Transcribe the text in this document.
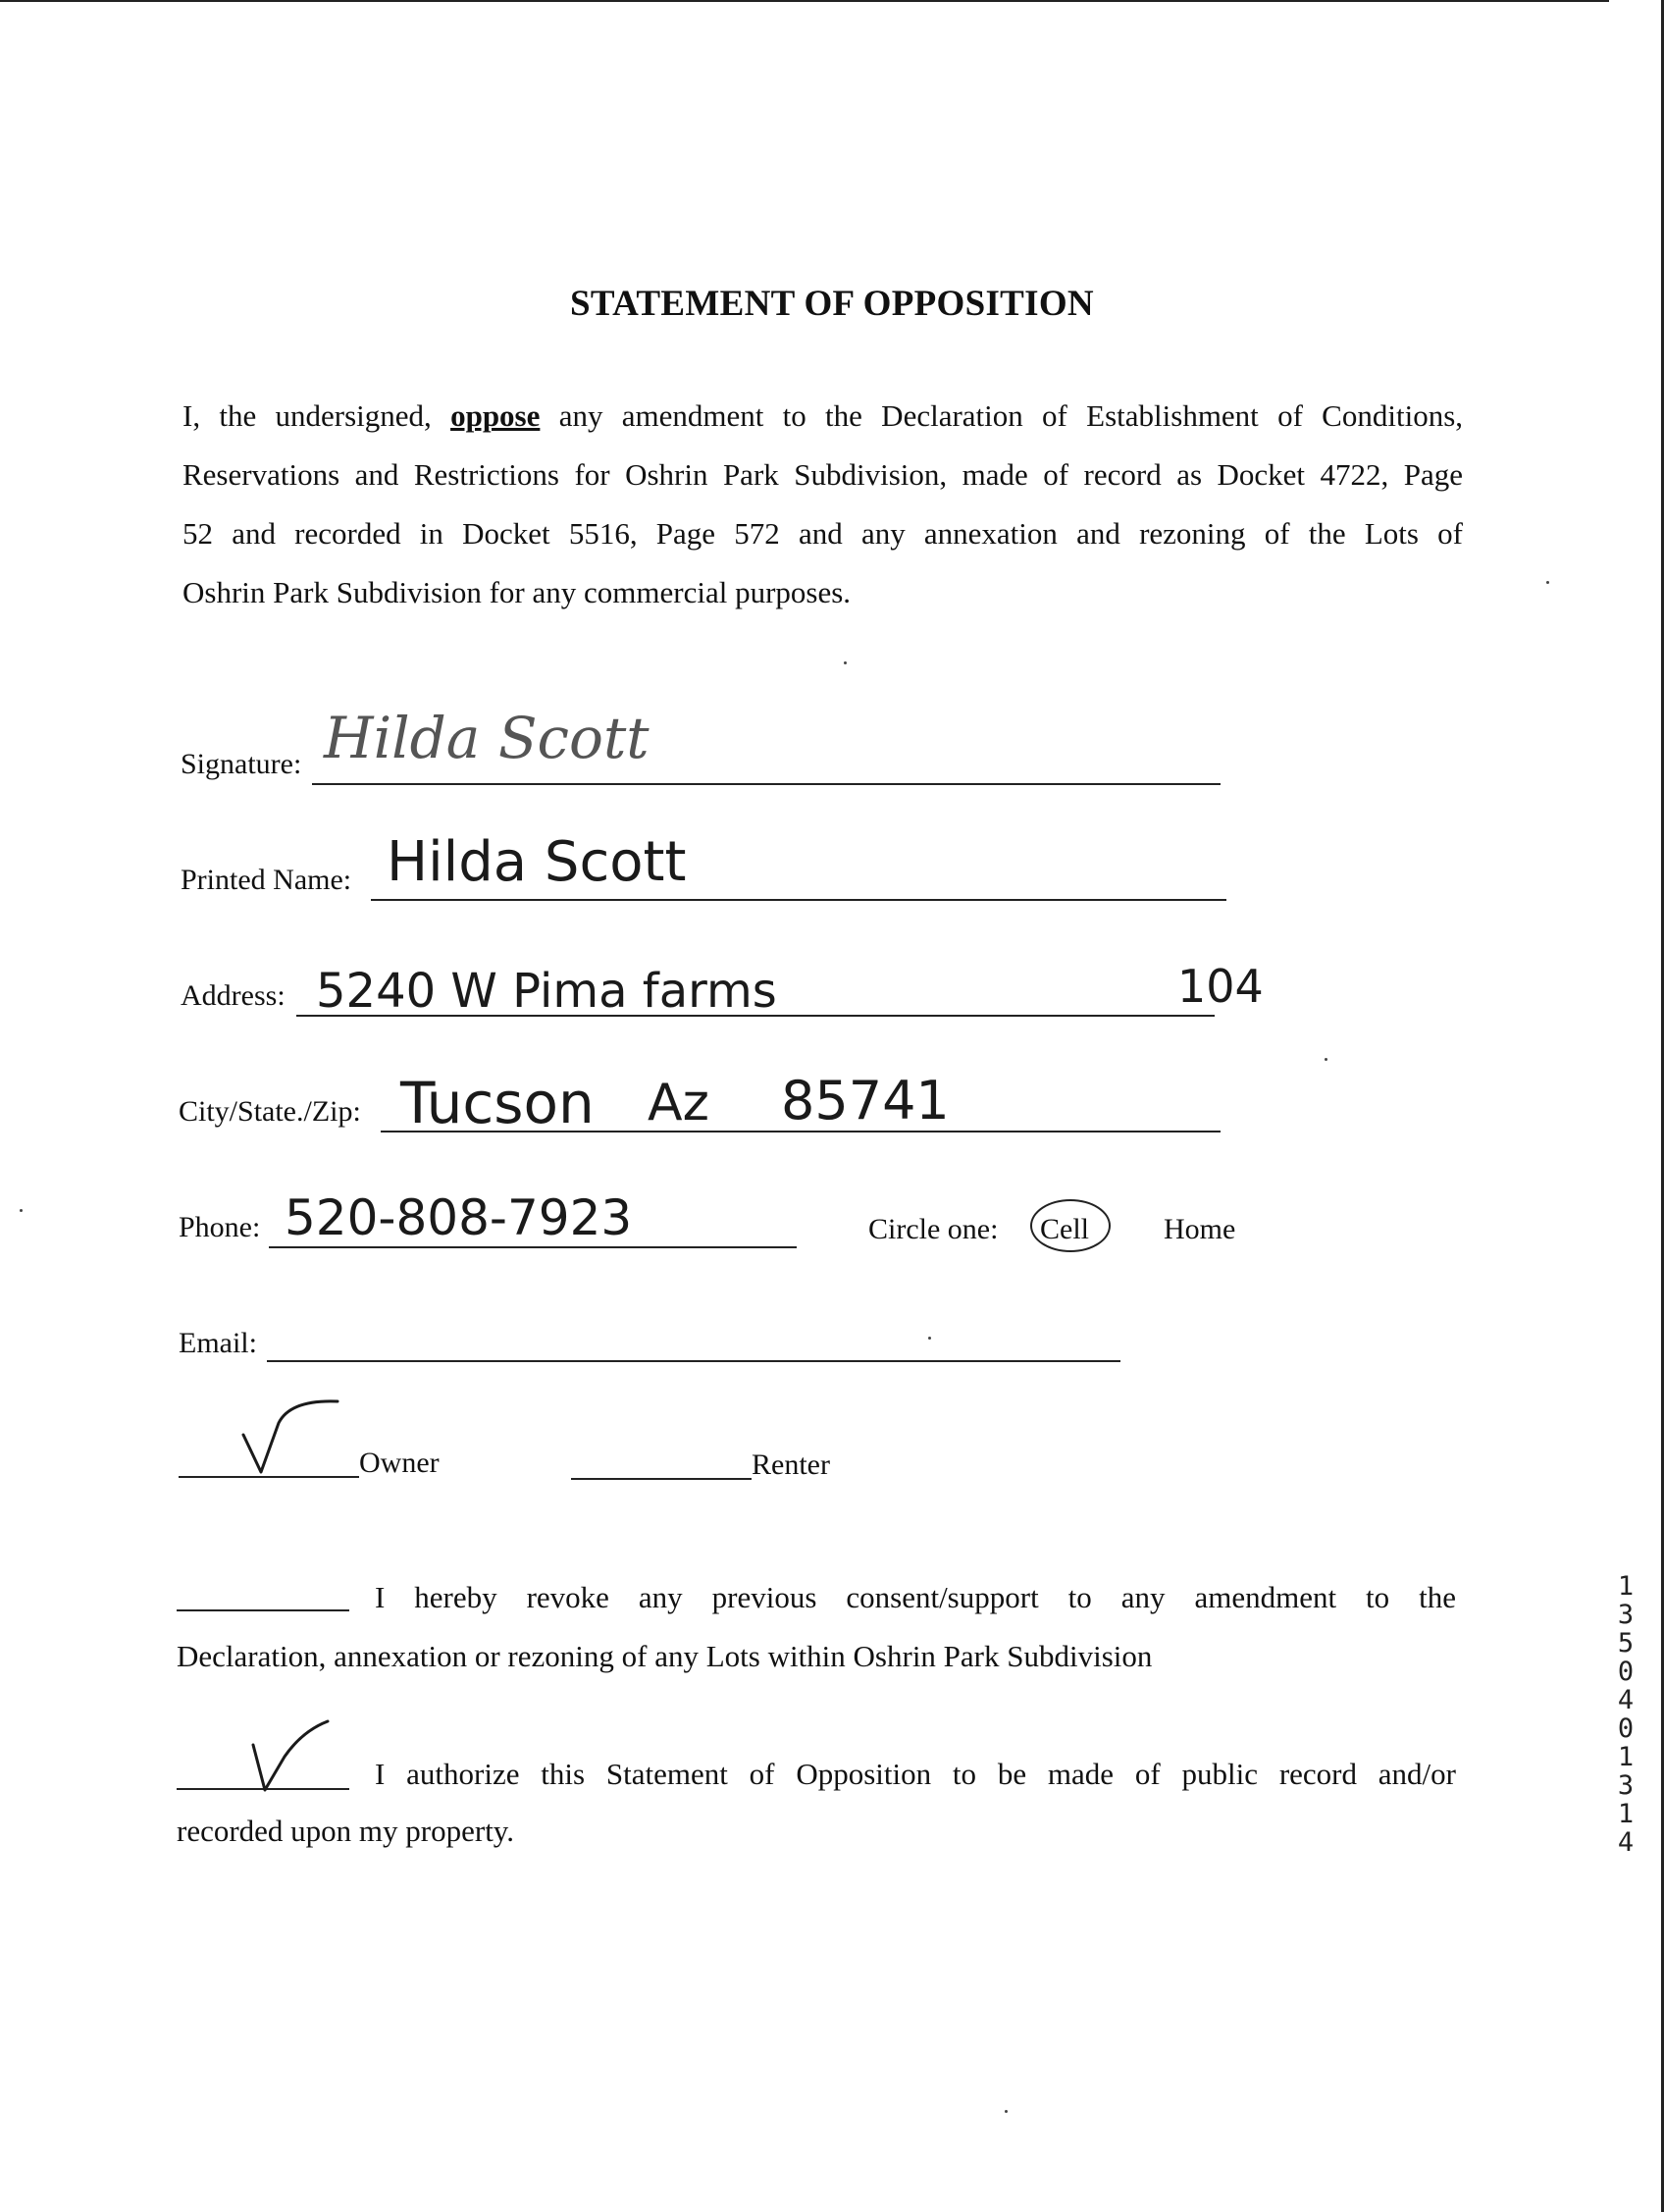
STATEMENT OF OPPOSITION
I, the undersigned, oppose any amendment to the Declaration of Establishment of Conditions,
Reservations and Restrictions for Oshrin Park Subdivision, made of record as Docket 4722, Page
52 and recorded in Docket 5516, Page 572 and any annexation and rezoning of the Lots of
Oshrin Park Subdivision for any commercial purposes.
Signature: Hilda Scott
Printed Name: Hilda Scott
Address: 5240 W Pima farms	104
City/State./Zip: Tucson Az 85741
Phone: 520-808-7923	Circle one: Cell	Home
Email:
Owner	Renter
I hereby revoke any previous consent/support to any amendment to the
Declaration, annexation or rezoning of any Lots within Oshrin Park Subdivision
I authorize this Statement of Opposition to be made of public record and/or
recorded upon my property.
13504 01314
